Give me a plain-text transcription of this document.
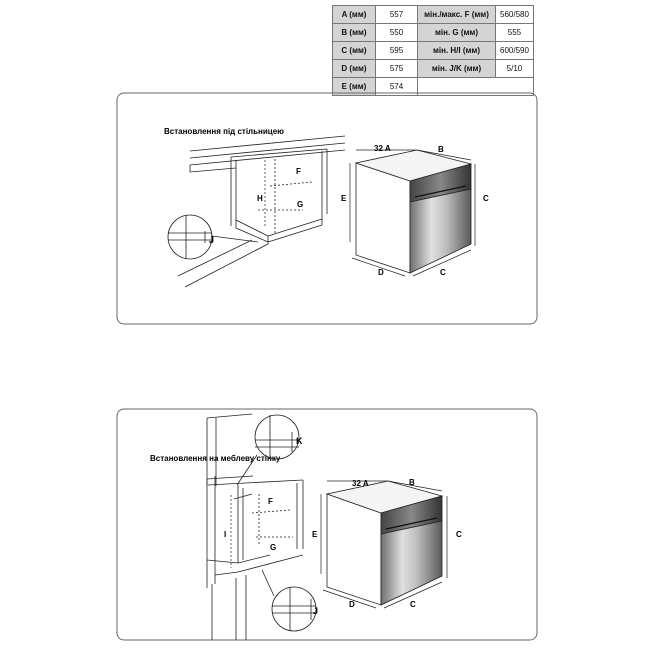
A (мм)	557	мін./макс. F (мм)	560/580
B (мм)	550	мін. G (мм)	555
C (мм)	595	мін. H/I (мм)	600/590
D (мм)	575	мін. J/K (мм)	5/10
E (мм)	574		
Встановлення під стільницею
J
F
G
H
32 A	B
C
E
D	C
Встановлення на меблеву стінку
I
F
G
K
J
32 A	B
C
E
D	C
